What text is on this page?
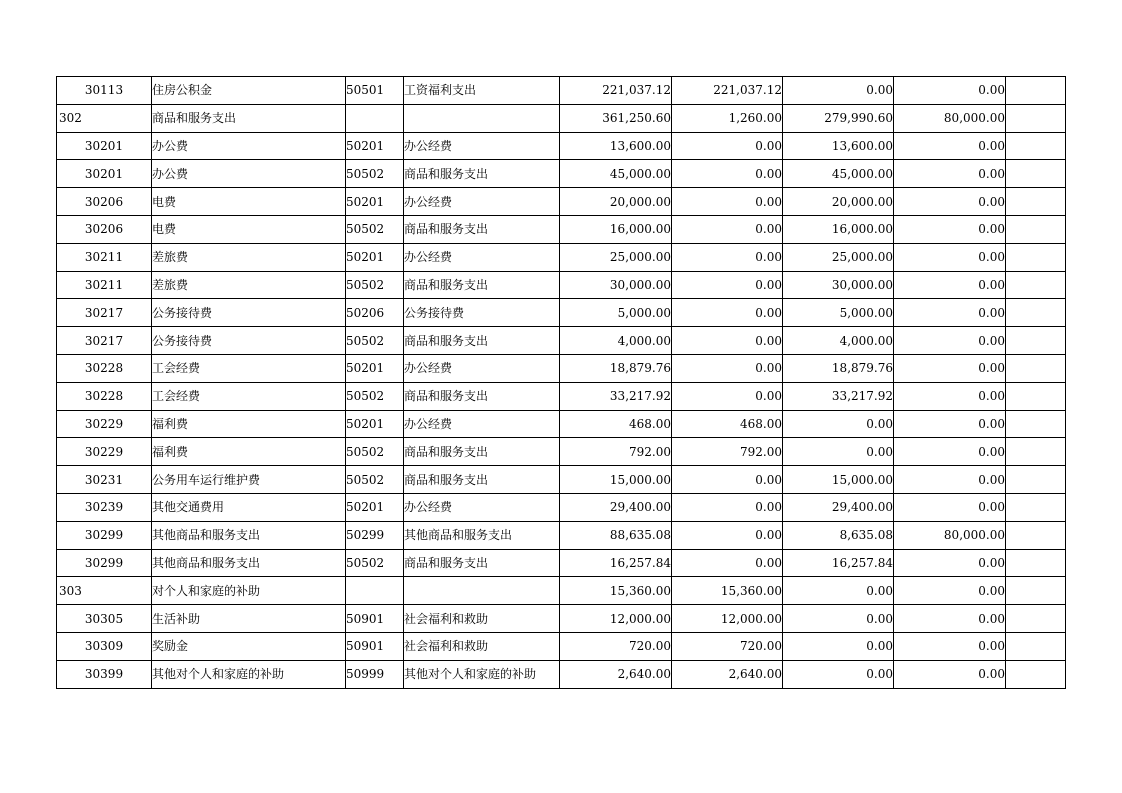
30113	住房公积金	50501	工资福利支出	221,037.12	221,037.12	0.00	0.00	
302	商品和服务支出			361,250.60	1,260.00	279,990.60	80,000.00	
30201	办公费	50201	办公经费	13,600.00	0.00	13,600.00	0.00	
30201	办公费	50502	商品和服务支出	45,000.00	0.00	45,000.00	0.00	
30206	电费	50201	办公经费	20,000.00	0.00	20,000.00	0.00	
30206	电费	50502	商品和服务支出	16,000.00	0.00	16,000.00	0.00	
30211	差旅费	50201	办公经费	25,000.00	0.00	25,000.00	0.00	
30211	差旅费	50502	商品和服务支出	30,000.00	0.00	30,000.00	0.00	
30217	公务接待费	50206	公务接待费	5,000.00	0.00	5,000.00	0.00	
30217	公务接待费	50502	商品和服务支出	4,000.00	0.00	4,000.00	0.00	
30228	工会经费	50201	办公经费	18,879.76	0.00	18,879.76	0.00	
30228	工会经费	50502	商品和服务支出	33,217.92	0.00	33,217.92	0.00	
30229	福利费	50201	办公经费	468.00	468.00	0.00	0.00	
30229	福利费	50502	商品和服务支出	792.00	792.00	0.00	0.00	
30231	公务用车运行维护费	50502	商品和服务支出	15,000.00	0.00	15,000.00	0.00	
30239	其他交通费用	50201	办公经费	29,400.00	0.00	29,400.00	0.00	
30299	其他商品和服务支出	50299	其他商品和服务支出	88,635.08	0.00	8,635.08	80,000.00	
30299	其他商品和服务支出	50502	商品和服务支出	16,257.84	0.00	16,257.84	0.00	
303	对个人和家庭的补助			15,360.00	15,360.00	0.00	0.00	
30305	生活补助	50901	社会福利和救助	12,000.00	12,000.00	0.00	0.00	
30309	奖励金	50901	社会福利和救助	720.00	720.00	0.00	0.00	
30399	其他对个人和家庭的补助	50999	其他对个人和家庭的补助	2,640.00	2,640.00	0.00	0.00	
